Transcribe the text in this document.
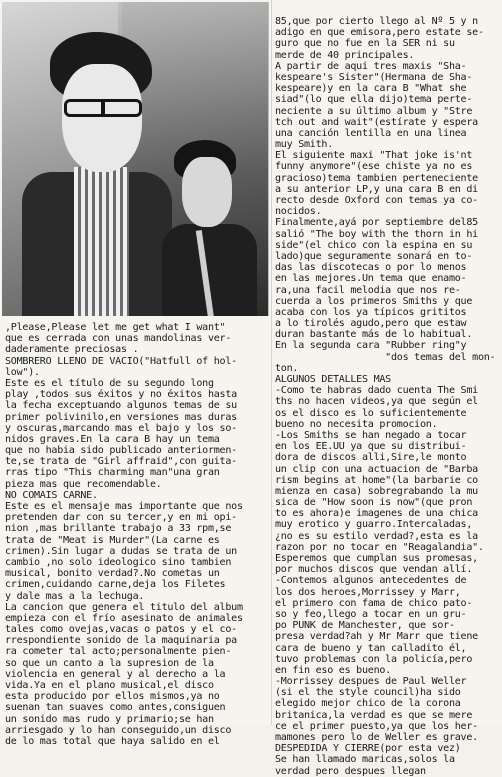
85,que por cierto llego al Nº 5 y n
adigo en que emisora,pero estate se-
guro que no fue en la SER ni su
merde de 40 principales.
A partir de aqui tres maxis "Sha-
kespeare's Sister"(Hermana de Sha-
kespeare)y en la cara B "What she
siad"(lo que ella dijo)tema perte-
neciente a su último album y "Stre
tch out and wait"(estírate y espera
una canción lentilla en una linea
muy Smith.
El siguiente maxi "That joke is'nt
funny anymore"(ese chiste ya no es
gracioso)tema tambien perteneciente
a su anterior LP,y una cara B en di
recto desde Oxford con temas ya co-
nocidos.
Finalmente,ayá por septiembre del85
salió "The boy with the thorn in hi
side"(el chico con la espina en su
lado)que seguramente sonará en to-
das las discotecas o por lo menos
en las mejores.Un tema que enamo-
ra,una facil melodia que nos re-
cuerda a los primeros Smiths y que
acaba con los ya típicos grititos
a lo tirolés agudo,pero que estaw
duran bastante más de lo habitual.
En la segunda cara "Rubber ring"y
"dos temas del mon-
ton.
ALGUNOS DETALLES MAS
-Como te habras dado cuenta The Smi
ths no hacen videos,ya que según el
os el disco es lo suficientemente
bueno no necesita promocion.
-Los Smiths se han negado a tocar
en los EE.UU ya que su distribui-
dora de discos alli,Sire,le monto
un clip con una actuacion de "Barba
rism begins at home"(la barbarie co
mienza en casa) sobregrabando la mu
sica de "How soon is now"(que pron
to es ahora)e imagenes de una chica
muy erotico y guarro.Intercaladas,
¿no es su estilo verdad?,esta es la
razon por no tocar en "Reagalandia".
Esperemos que cumplan sus promesas,
por muchos discos que vendan allí.
-Contemos algunos antecedentes de
los dos heroes,Morrissey y Marr,
el primero con fama de chico pato-
so y feo,llego a tocar en un gru-
po PUNK de Manchester, que sor-
presa verdad?ah y Mr Marr que tiene
cara de bueno y tan calladito él,
tuvo problemas con la policía,pero
en fin eso es bueno.
-Morrissey despues de Paul Weller
(si el the style council)ha sido
elegido mejor chico de la corona
britanica,la verdad es que se mere
ce el primer puesto,ya que los her-
mamones pero lo de Weller es grave.
DESPEDIDA Y CIERRE(por esta vez)
Se han llamado maricas,solos la
verdad pero despues llegan
,Please,Please let me get what I want"
que es cerrada con unas mandolinas ver-
daderamente preciosas .
SOMBRERO LLENO DE VACIO("Hatfull of hol-
low").
Este es el título de su segundo long
play ,todos sus éxitos y no éxitos hasta
la fecha exceptuando algunos temas de su
primer polivinilo,en versiones mas duras
y oscuras,marcando mas el bajo y los so-
nidos graves.En la cara B hay un tema
que no habia sido publicado anteriormen-
te,se trata de "Girl affraid",con guita-
rras tipo "This charming man"una gran
pieza mas que recomendable.
NO COMAIS CARNE.
Este es el mensaje mas importante que nos
pretenden dar con su tercer,y en mi opi-
nion ,mas brillante trabajo a 33 rpm,se
trata de "Meat is Murder"(La carne es
crimen).Sin lugar a dudas se trata de un
cambio ,no solo ideologico sino tambien
musical, bonito verdad?.No cometas un
crimen,cuidando carne,deja los Filetes
y dale mas a la lechuga.
La cancion que genera el titulo del album
empieza con el frío asesinato de animales
tales como ovejas,vacas o patos y el co-
rrespondiente sonido de la maquinaria pa
ra cometer tal acto;personalmente pien-
so que un canto a la supresion de la
violencia en general y al derecho a la
vida.Ya en el plano musical,el disco
esta producido por ellos mismos,ya no
suenan tan suaves como antes,consiguen
un sonido mas rudo y primario;se han
arriesgado y lo han conseguido,un disco
de lo mas total que haya salido en el
